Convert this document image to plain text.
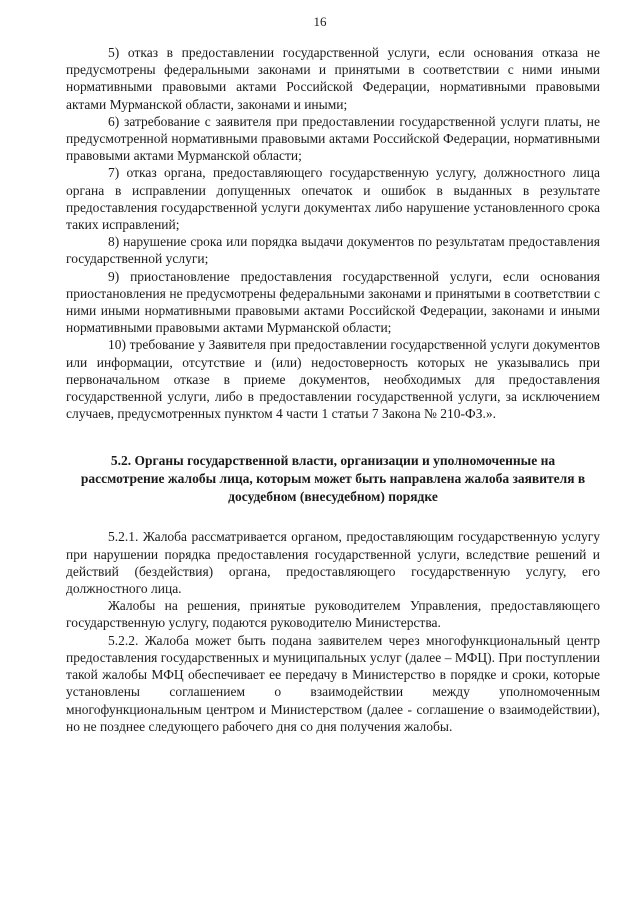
16

5) отказ в предоставлении государственной услуги, если основания отказа не предусмотрены федеральными законами и принятыми в соответствии с ними иными нормативными правовыми актами Российской Федерации, нормативными правовыми актами Мурманской области, законами и иными;

6) затребование с заявителя при предоставлении государственной услуги платы, не предусмотренной нормативными правовыми актами Российской Федерации, нормативными правовыми актами Мурманской области;

7) отказ органа, предоставляющего государственную услугу, должностного лица органа в исправлении допущенных опечаток и ошибок в выданных в результате предоставления государственной услуги документах либо нарушение установленного срока таких исправлений;

8) нарушение срока или порядка выдачи документов по результатам предоставления государственной услуги;

9) приостановление предоставления государственной услуги, если основания приостановления не предусмотрены федеральными законами и принятыми в соответствии с ними иными нормативными правовыми актами Российской Федерации, законами и иными нормативными правовыми актами Мурманской области;

10) требование у Заявителя при предоставлении государственной услуги документов или информации, отсутствие и (или) недостоверность которых не указывались при первоначальном отказе в приеме документов, необходимых для предоставления государственной услуги, либо в предоставлении государственной услуги, за исключением случаев, предусмотренных пунктом 4 части 1 статьи 7 Закона № 210-ФЗ.».

5.2. Органы государственной власти, организации и уполномоченные на рассмотрение жалобы лица, которым может быть направлена жалоба заявителя в досудебном (внесудебном) порядке

5.2.1. Жалоба рассматривается органом, предоставляющим государственную услугу при нарушении порядка предоставления государственной услуги, вследствие решений и действий (бездействия) органа, предоставляющего государственную услугу, его должностного лица.

Жалобы на решения, принятые руководителем Управления, предоставляющего государственную услугу, подаются руководителю Министерства.

5.2.2. Жалоба может быть подана заявителем через многофункциональный центр предоставления государственных и муниципальных услуг (далее – МФЦ). При поступлении такой жалобы МФЦ обеспечивает ее передачу в Министерство в порядке и сроки, которые установлены соглашением о взаимодействии между уполномоченным многофункциональным центром и Министерством (далее - соглашение о взаимодействии), но не позднее следующего рабочего дня со дня получения жалобы.
